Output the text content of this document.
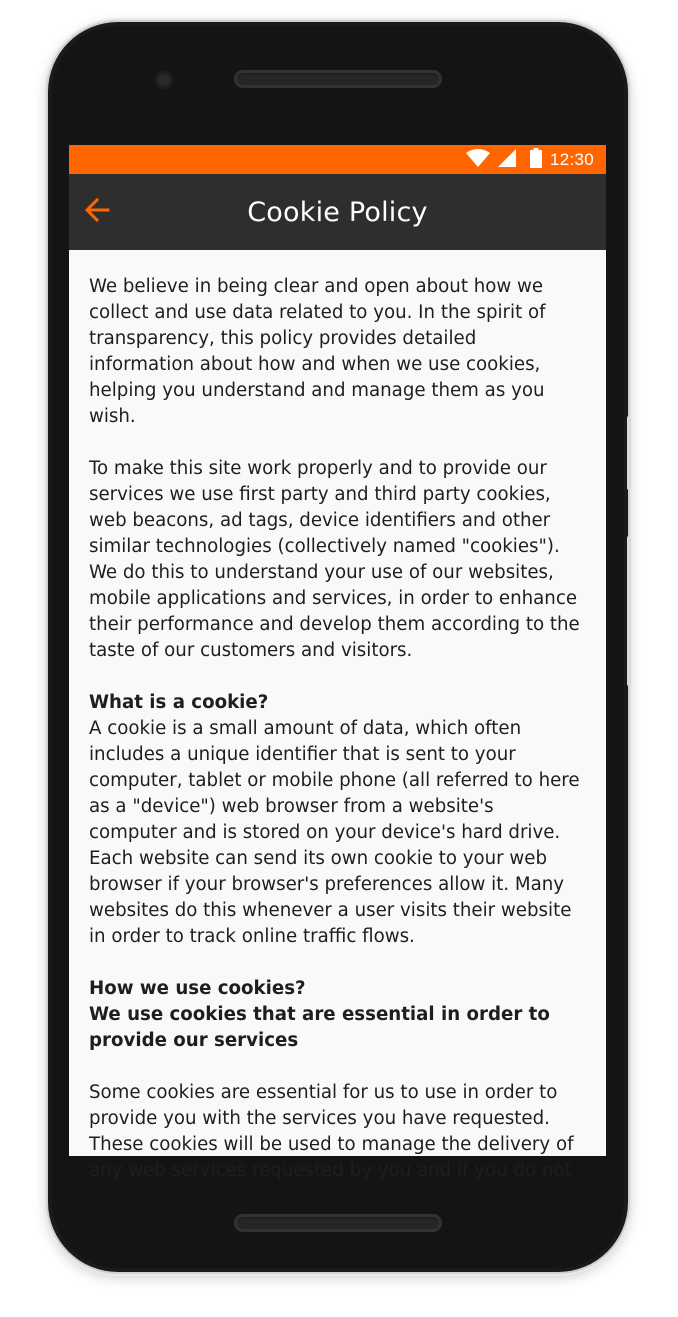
12:30
Cookie Policy

We believe in being clear and open about how we collect and use data related to you. In the spirit of transparency, this policy provides detailed information about how and when we use cookies, helping you understand and manage them as you wish.

To make this site work properly and to provide our services we use first party and third party cookies, web beacons, ad tags, device identifiers and other similar technologies (collectively named "cookies"). We do this to understand your use of our websites, mobile applications and services, in order to enhance their performance and develop them according to the taste of our customers and visitors.

What is a cookie?

A cookie is a small amount of data, which often includes a unique identifier that is sent to your computer, tablet or mobile phone (all referred to here as a "device") web browser from a website's computer and is stored on your device's hard drive. Each website can send its own cookie to your web browser if your browser's preferences allow it. Many websites do this whenever a user visits their website in order to track online traffic flows.

How we use cookies?

We use cookies that are essential in order to provide our services

Some cookies are essential for us to use in order to provide you with the services you have requested. These cookies will be used to manage the delivery of any web services requested by you and if you do not
